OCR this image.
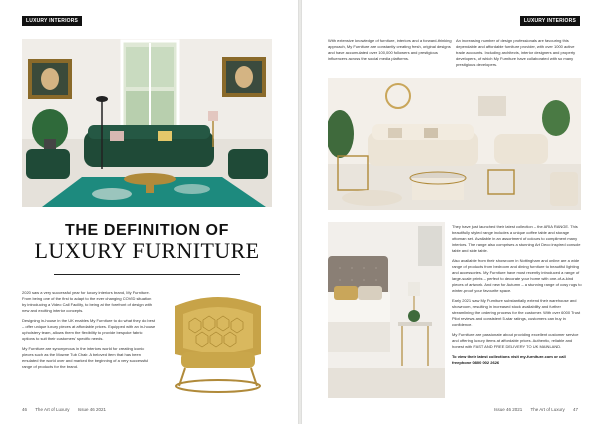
LUXURY INTERIORS
THE DEFINITION OF
LUXURY FURNITURE

2020 saw a very successful year for luxury interiors brand, My Furniture. From being one of the first to adapt to the ever changing COVID situation by introducing a Video Call Facility, to being at the forefront of design with new and exciting interior concepts.

Designing in-house in the UK enables My Furniture to do what they do best – offer unique luxury pieces at affordable prices. Equipped with an in-house upholstery team, allows them the flexibility to provide bespoke fabric options to suit their customers' specific needs.

My Furniture are synonymous in the interiors world for creating iconic pieces such as the Mowne Tub Chair. A beloved item that has been emulated the world over and marked the beginning of a very successful range of products for the brand.

46 The Art of Luxury Issue 46 2021
LUXURY INTERIORS

With extensive knowledge of furniture, interiors and a forward-thinking approach, My Furniture are constantly creating fresh, original designs and have accumulated over 100,000 followers and prestigious influencers across the social media platforms.

An increasing number of design professionals are favouring this dependable and affordable furniture provider, with over 1000 active trade accounts. Including architects, interior designers and property developers, of which My Furniture have collaborated with so many prestigious developers.

They have just launched their latest collection – the ARIA RANGE. This beautifully styled range includes a unique coffee table and storage ottoman set. Available in an assortment of colours to compliment many interiors. The range also comprises a stunning Art Deco inspired console table and side table.

Also available from their showroom in Nottingham and online are a wide range of products from bedroom and dining furniture to beautiful lighting and accessories. My Furniture have most recently introduced a range of large-scale prints – perfect to decorate your home with one-of-a-kind pieces of artwork. And new for Autumn – a stunning range of cosy rugs to winter-proof your favourite space.

Early 2021 saw My Furniture substantially extend their warehouse and showroom, resulting in increased stock availability and further streamlining the ordering process for the customer. With over 6000 Trust Pilot reviews and consistent 5-star ratings, customers can buy in confidence.

My Furniture are passionate about providing excellent customer service and offering luxury items at affordable prices. Authentic, reliable and honest with FAST AND FREE DELIVERY TO UK MAINLAND.

To view their latest collections visit my-furniture.com or call freephone 0800 002 2626

Issue 46 2021 The Art of Luxury 47
